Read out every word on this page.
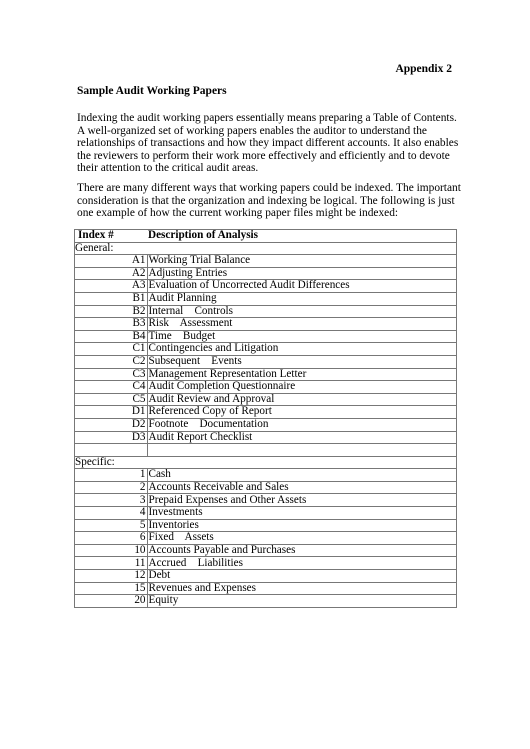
Appendix 2
Sample Audit Working Papers

Indexing the audit working papers essentially means preparing a Table of Contents. A well-organized set of working papers enables the auditor to understand the relationships of transactions and how they impact different accounts. It also enables the reviewers to perform their work more effectively and efficiently and to devote their attention to the critical audit areas.

There are many different ways that working papers could be indexed. The important consideration is that the organization and indexing be logical. The following is just one example of how the current working paper files might be indexed:

Index #	Description of Analysis
General:	
A1	Working Trial Balance
A2	Adjusting Entries
A3	Evaluation of Uncorrected Audit Differences
B1	Audit Planning
B2	Internal    Controls
B3	Risk    Assessment
B4	Time    Budget
C1	Contingencies and Litigation
C2	Subsequent    Events
C3	Management Representation Letter
C4	Audit Completion Questionnaire
C5	Audit Review and Approval
D1	Referenced Copy of Report
D2	Footnote    Documentation
D3	Audit Report Checklist

Specific:	
1	Cash
2	Accounts Receivable and Sales
3	Prepaid Expenses and Other Assets
4	Investments
5	Inventories
6	Fixed    Assets
10	Accounts Payable and Purchases
11	Accrued    Liabilities
12	Debt
15	Revenues and Expenses
20	Equity
